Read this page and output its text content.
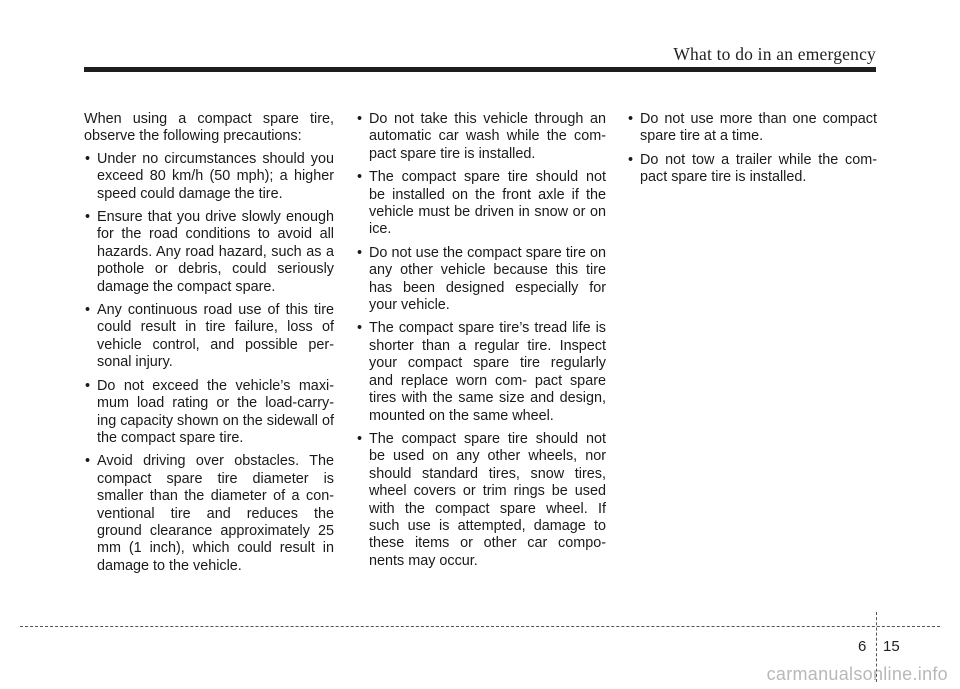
What to do in an emergency

When using a compact spare tire, observe the following precautions:

• Under no circumstances should you exceed 80 km/h (50 mph); a higher speed could damage the tire.
• Ensure that you drive slowly enough for the road conditions to avoid all hazards. Any road hazard, such as a pothole or debris, could seriously damage the compact spare.
• Any continuous road use of this tire could result in tire failure, loss of vehicle control, and possible per- sonal injury.
• Do not exceed the vehicle’s maxi- mum load rating or the load-carry- ing capacity shown on the sidewall of the compact spare tire.
• Avoid driving over obstacles. The compact spare tire diameter is smaller than the diameter of a con- ventional tire and reduces the ground clearance approximately 25 mm (1 inch), which could result in damage to the vehicle.
• Do not take this vehicle through an automatic car wash while the com- pact spare tire is installed.
• The compact spare tire should not be installed on the front axle if the vehicle must be driven in snow or on ice.
• Do not use the compact spare tire on any other vehicle because this tire has been designed especially for your vehicle.
• The compact spare tire’s tread life is shorter than a regular tire. Inspect your compact spare tire regularly and replace worn com- pact spare tires with the same size and design, mounted on the same wheel.
• The compact spare tire should not be used on any other wheels, nor should standard tires, snow tires, wheel covers or trim rings be used with the compact spare wheel. If such use is attempted, damage to these items or other car compo- nents may occur.
• Do not use more than one compact spare tire at a time.
• Do not tow a trailer while the com- pact spare tire is installed.
6 15
carmanualsonline.info
